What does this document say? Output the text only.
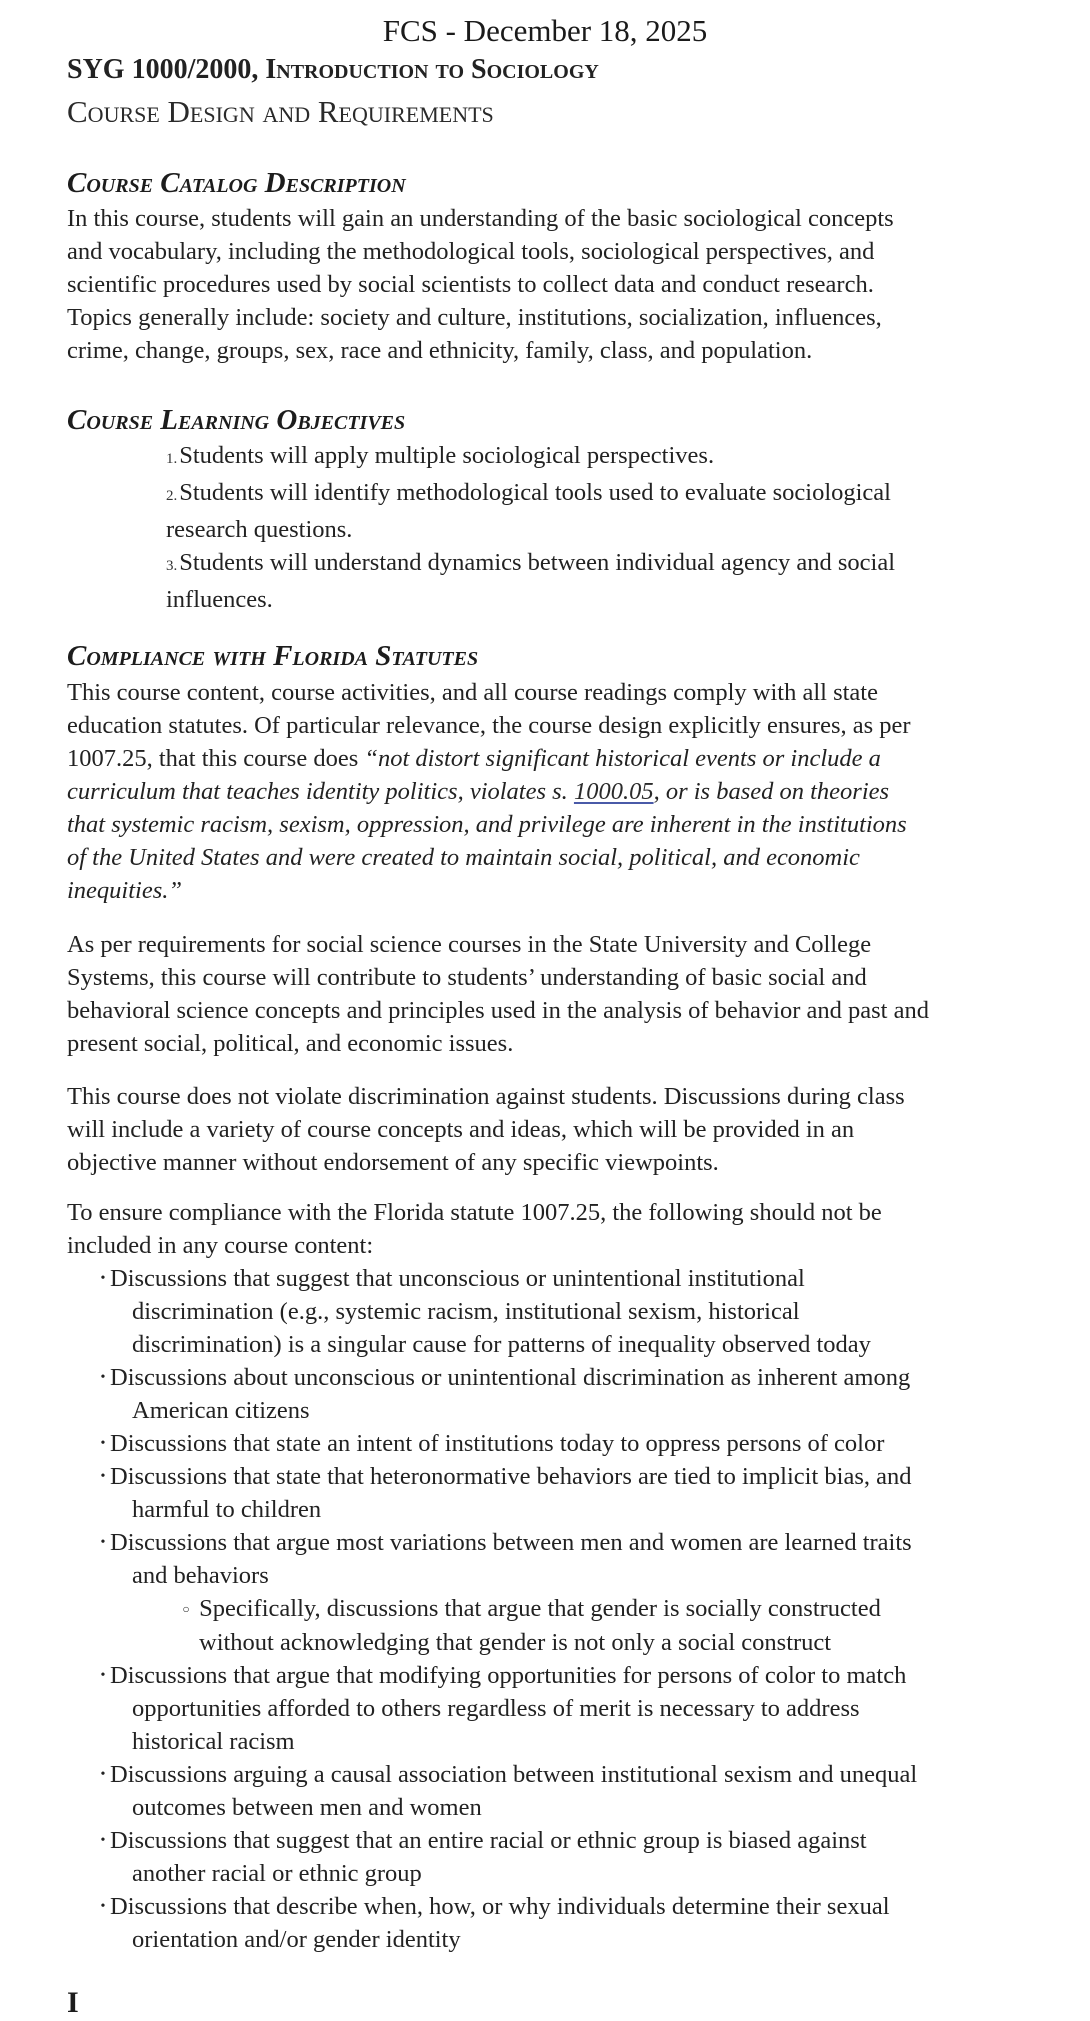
FCS - December 18, 2025
SYG 1000/2000, Introduction to Sociology
Course Design and Requirements
Course Catalog Description
In this course, students will gain an understanding of the basic sociological concepts
and vocabulary, including the methodological tools, sociological perspectives, and
scientific procedures used by social scientists to collect data and conduct research.
Topics generally include: society and culture, institutions, socialization, influences,
crime, change, groups, sex, race and ethnicity, family, class, and population.
Course Learning Objectives
1.Students will apply multiple sociological perspectives.
2.Students will identify methodological tools used to evaluate sociological
research questions.
3.Students will understand dynamics between individual agency and social
influences.
Compliance with Florida Statutes
This course content, course activities, and all course readings comply with all state
education statutes. Of particular relevance, the course design explicitly ensures, as per
1007.25, that this course does “not distort significant historical events or include a
curriculum that teaches identity politics, violates s. 1000.05, or is based on theories
that systemic racism, sexism, oppression, and privilege are inherent in the institutions
of the United States and were created to maintain social, political, and economic
inequities.”
As per requirements for social science courses in the State University and College
Systems, this course will contribute to students’ understanding of basic social and
behavioral science concepts and principles used in the analysis of behavior and past and
present social, political, and economic issues.
This course does not violate discrimination against students. Discussions during class
will include a variety of course concepts and ideas, which will be provided in an
objective manner without endorsement of any specific viewpoints.
To ensure compliance with the Florida statute 1007.25, the following should not be
included in any course content:
• Discussions that suggest that unconscious or unintentional institutional
discrimination (e.g., systemic racism, institutional sexism, historical
discrimination) is a singular cause for patterns of inequality observed today
• Discussions about unconscious or unintentional discrimination as inherent among
American citizens
• Discussions that state an intent of institutions today to oppress persons of color
• Discussions that state that heteronormative behaviors are tied to implicit bias, and
harmful to children
• Discussions that argue most variations between men and women are learned traits
and behaviors
○ Specifically, discussions that argue that gender is socially constructed
without acknowledging that gender is not only a social construct
• Discussions that argue that modifying opportunities for persons of color to match
opportunities afforded to others regardless of merit is necessary to address
historical racism
• Discussions arguing a causal association between institutional sexism and unequal
outcomes between men and women
• Discussions that suggest that an entire racial or ethnic group is biased against
another racial or ethnic group
• Discussions that describe when, how, or why individuals determine their sexual
orientation and/or gender identity
I
